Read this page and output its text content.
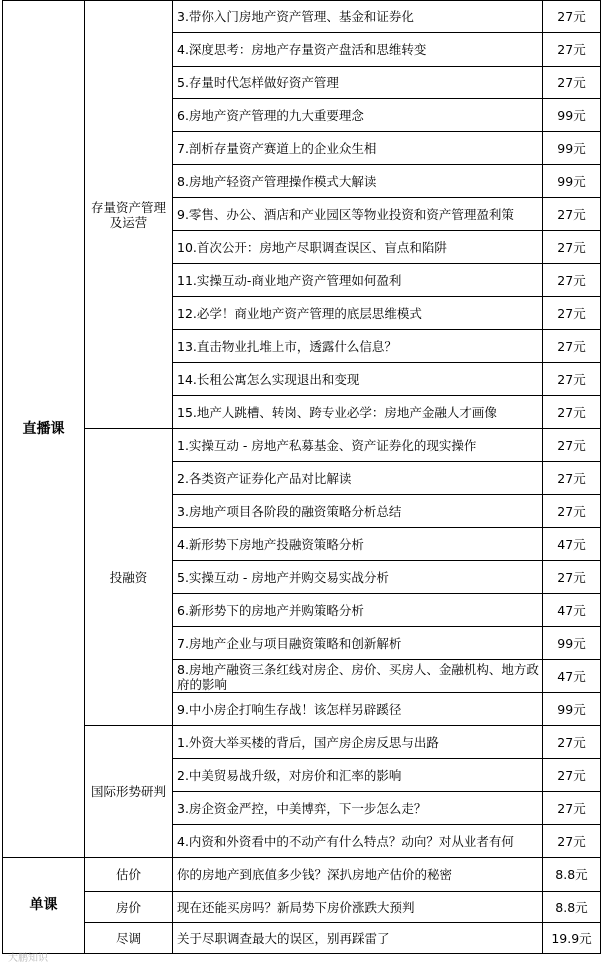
直播课	存量资产管理及运营	3.带你入门房地产资产管理、基金和证券化	27元

		4.深度思考：房地产存量资产盘活和思维转变	27元

		5.存量时代怎样做好资产管理	27元

		6.房地产资产管理的九大重要理念	99元

		7.剖析存量资产赛道上的企业众生相	99元

		8.房地产轻资产管理操作模式大解读	99元

		9.零售、办公、酒店和产业园区等物业投资和资产管理盈利策	27元

		10.首次公开：房地产尽职调查误区、盲点和陷阱	27元

		11.实操互动-商业地产资产管理如何盈利	27元

		12.必学！商业地产资产管理的底层思维模式	27元

		13.直击物业扎堆上市，透露什么信息？	27元

		14.长租公寓怎么实现退出和变现	27元

		15.地产人跳槽、转岗、跨专业必学：房地产金融人才画像	27元
	投融资	1.实操互动 - 房地产私募基金、资产证券化的现实操作	27元

		2.各类资产证券化产品对比解读	27元

		3.房地产项目各阶段的融资策略分析总结	27元

		4.新形势下房地产投融资策略分析	47元

		5.实操互动 - 房地产并购交易实战分析	27元

		6.新形势下的房地产并购策略分析	47元

		7.房地产企业与项目融资策略和创新解析	99元

		8.房地产融资三条红线对房企、房价、买房人、金融机构、地方政府的影响	47元

		9.中小房企打响生存战！该怎样另辟蹊径	99元
	国际形势研判	1.外资大举买楼的背后，国产房企房反思与出路	27元

		2.中美贸易战升级，对房价和汇率的影响	27元

		3.房企资金严控，中美博弈，下一步怎么走？	27元

		4.内资和外资看中的不动产有什么特点？动向？对从业者有何	27元
单课	估价	你的房地产到底值多少钱？深扒房地产估价的秘密	8.8元
	房价	现在还能买房吗？新局势下房价涨跌大预判	8.8元
	尽调	关于尽职调查最大的误区，别再踩雷了	19.9元
大鹏知识
